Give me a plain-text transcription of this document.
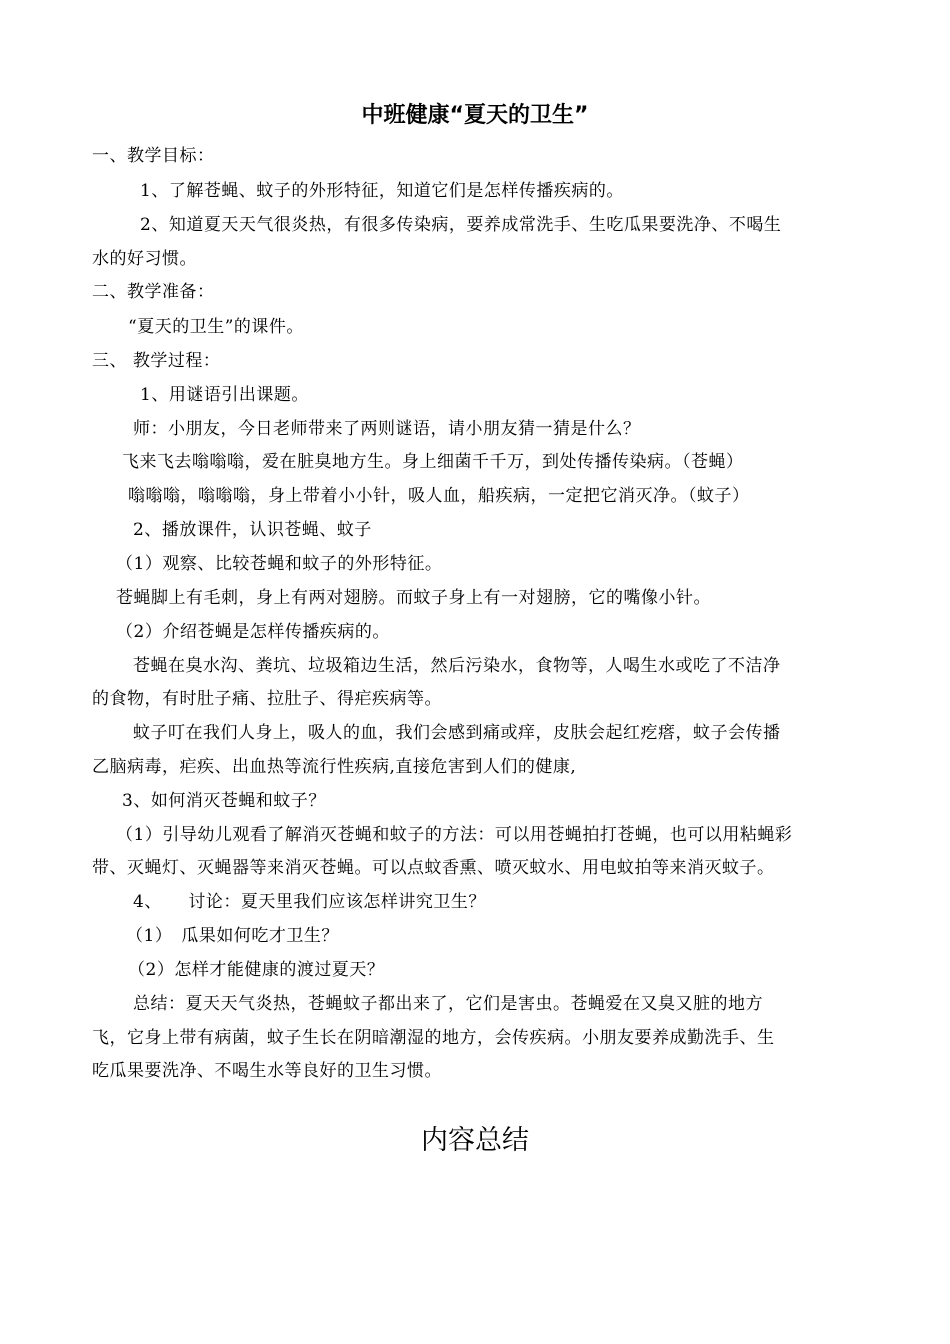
中班健康“夏天的卫生”
一、教学目标：
1、了解苍蝇、蚊子的外形特征，知道它们是怎样传播疾病的。
2、知道夏天天气很炎热，有很多传染病，要养成常洗手、生吃瓜果要洗净、不喝生
水的好习惯。
二、教学准备：
“夏天的卫生”的课件。
三、 教学过程：
1、用谜语引出课题。
师：小朋友，今日老师带来了两则谜语，请小朋友猜一猜是什么？
飞来飞去嗡嗡嗡，爱在脏臭地方生。身上细菌千千万，到处传播传染病。（苍蝇）
嗡嗡嗡，嗡嗡嗡，身上带着小小针，吸人血，船疾病，一定把它消灭净。（蚊子）
2、播放课件，认识苍蝇、蚊子
（1）观察、比较苍蝇和蚊子的外形特征。
苍蝇脚上有毛刺，身上有两对翅膀。而蚊子身上有一对翅膀，它的嘴像小针。
（2）介绍苍蝇是怎样传播疾病的。
苍蝇在臭水沟、粪坑、垃圾箱边生活，然后污染水，食物等，人喝生水或吃了不洁净
的食物，有时肚子痛、拉肚子、得疟疾病等。
蚊子叮在我们人身上，吸人的血，我们会感到痛或痒，皮肤会起红疙瘩，蚊子会传播
乙脑病毒，疟疾、出血热等流行性疾病,直接危害到人们的健康,
3、如何消灭苍蝇和蚊子？
（1）引导幼儿观看了解消灭苍蝇和蚊子的方法：可以用苍蝇拍打苍蝇，也可以用粘蝇彩
带、灭蝇灯、灭蝇器等来消灭苍蝇。可以点蚊香熏、喷灭蚊水、用电蚊拍等来消灭蚊子。
4、　　讨论：夏天里我们应该怎样讲究卫生？
（1）　瓜果如何吃才卫生？
（2）怎样才能健康的渡过夏天？
总结：夏天天气炎热，苍蝇蚊子都出来了，它们是害虫。苍蝇爱在又臭又脏的地方
飞，它身上带有病菌，蚊子生长在阴暗潮湿的地方，会传疾病。小朋友要养成勤洗手、生
吃瓜果要洗净、不喝生水等良好的卫生习惯。
内容总结
